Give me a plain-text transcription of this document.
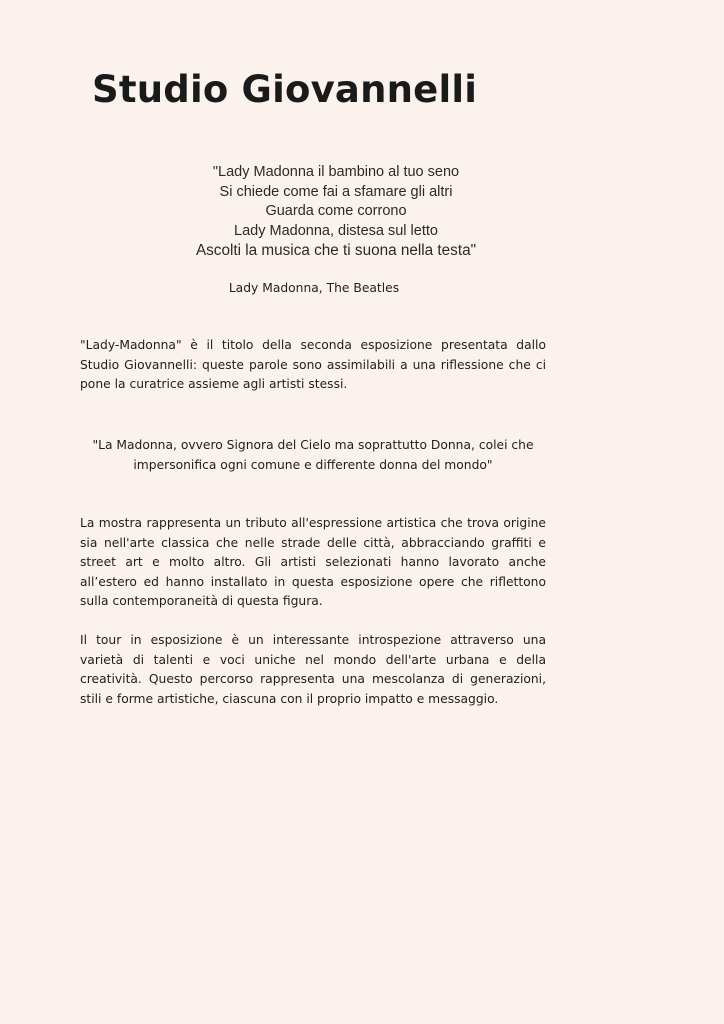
Studio Giovannelli
"Lady Madonna il bambino al tuo seno
Si chiede come fai a sfamare gli altri
Guarda come corrono
Lady Madonna, distesa sul letto
Ascolti la musica che ti suona nella testa"
Lady Madonna, The Beatles

"Lady-Madonna" è il titolo della seconda esposizione presentata dallo Studio Giovannelli: queste parole sono assimilabili a una riflessione che ci pone la curatrice assieme agli artisti stessi.

"La Madonna, ovvero Signora del Cielo ma soprattutto Donna, colei che impersonifica ogni comune e differente donna del mondo"

La mostra rappresenta un tributo all'espressione artistica che trova origine sia nell'arte classica che nelle strade delle città, abbracciando graffiti e street art e molto altro. Gli artisti selezionati hanno lavorato anche all’estero ed hanno installato in questa esposizione opere che riflettono sulla contemporaneità di questa figura.

Il tour in esposizione è un interessante introspezione attraverso una varietà di talenti e voci uniche nel mondo dell'arte urbana e della creatività. Questo percorso rappresenta una mescolanza di generazioni, stili e forme artistiche, ciascuna con il proprio impatto e messaggio.
